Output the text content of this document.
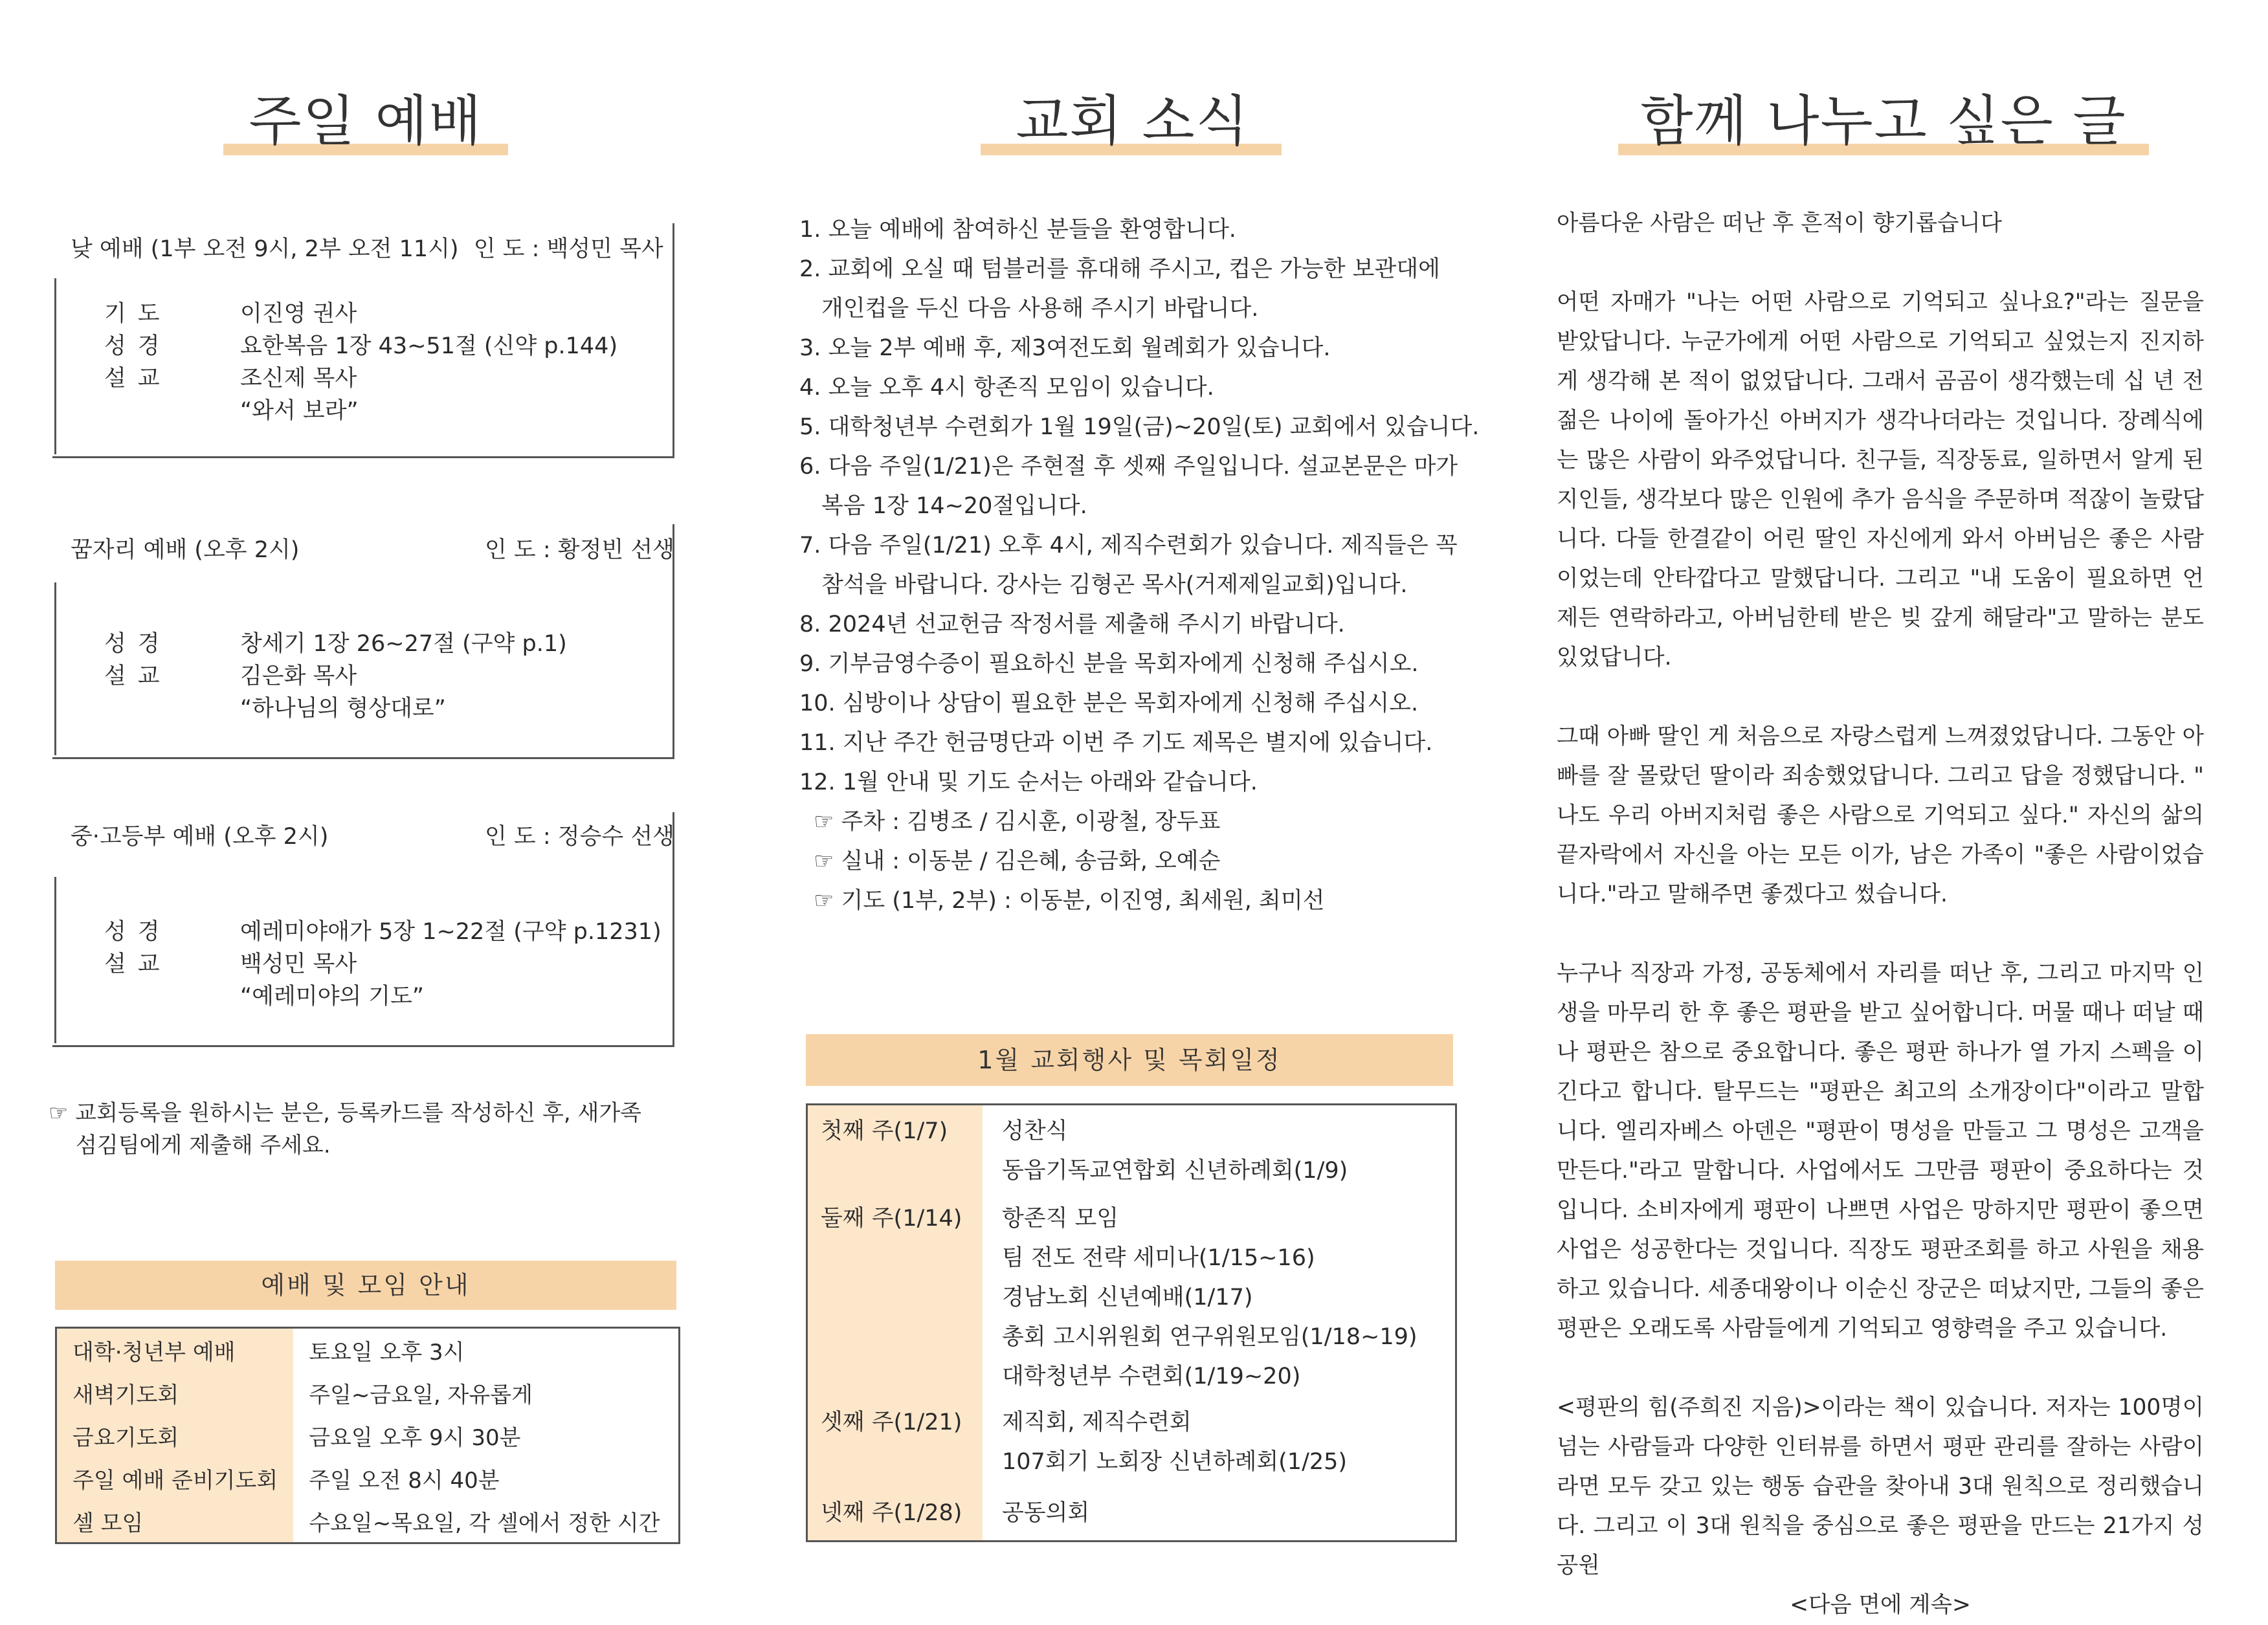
주일 예배
낮 예배 (1부 오전 9시, 2부 오전 11시) 인 도 : 백성민 목사
기도	이진영 권사
성경	요한복음 1장 43~51절 (신약 p.144)
설교	조신제 목사
“와서 보라”
꿈자리 예배 (오후 2시)	인 도 : 황정빈 선생
성경	창세기 1장 26~27절 (구약 p.1)
설교	김은화 목사
“하나님의 형상대로”
중·고등부 예배 (오후 2시)	인 도 : 정승수 선생
성경	예레미야애가 5장 1~22절 (구약 p.1231)
설교	백성민 목사
“예레미야의 기도”
☞ 교회등록을 원하시는 분은, 등록카드를 작성하신 후, 새가족
섬김팀에게 제출해 주세요.
예배 및 모임 안내
대학·청년부 예배	토요일 오후 3시
새벽기도회	주일~금요일, 자유롭게
금요기도회	금요일 오후 9시 30분
주일 예배 준비기도회	주일 오전 8시 40분
셀 모임	수요일~목요일, 각 셀에서 정한 시간
교회 소식
1. 오늘 예배에 참여하신 분들을 환영합니다.
2. 교회에 오실 때 텀블러를 휴대해 주시고, 컵은 가능한 보관대에
개인컵을 두신 다음 사용해 주시기 바랍니다.
3. 오늘 2부 예배 후, 제3여전도회 월례회가 있습니다.
4. 오늘 오후 4시 항존직 모임이 있습니다.
5. 대학청년부 수련회가 1월 19일(금)~20일(토) 교회에서 있습니다.
6. 다음 주일(1/21)은 주현절 후 셋째 주일입니다. 설교본문은 마가
복음 1장 14~20절입니다.
7. 다음 주일(1/21) 오후 4시, 제직수련회가 있습니다. 제직들은 꼭
참석을 바랍니다. 강사는 김형곤 목사(거제제일교회)입니다.
8. 2024년 선교헌금 작정서를 제출해 주시기 바랍니다.
9. 기부금영수증이 필요하신 분을 목회자에게 신청해 주십시오.
10. 심방이나 상담이 필요한 분은 목회자에게 신청해 주십시오.
11. 지난 주간 헌금명단과 이번 주 기도 제목은 별지에 있습니다.
12. 1월 안내 및 기도 순서는 아래와 같습니다.
☞ 주차 : 김병조 / 김시훈, 이광철, 장두표
☞ 실내 : 이동분 / 김은혜, 송금화, 오예순
☞ 기도 (1부, 2부) : 이동분, 이진영, 최세원, 최미선
1월 교회행사 및 목회일정
첫째 주(1/7) 성찬식
동읍기독교연합회 신년하례회(1/9)
둘째 주(1/14) 항존직 모임
팀 전도 전략 세미나(1/15~16)
경남노회 신년예배(1/17)
총회 고시위원회 연구위원모임(1/18~19)
대학청년부 수련회(1/19~20)
셋째 주(1/21) 제직회, 제직수련회
107회기 노회장 신년하례회(1/25)
넷째 주(1/28) 공동의회
함께 나누고 싶은 글

아름다운 사람은 떠난 후 흔적이 향기롭습니다

어떤 자매가 "나는 어떤 사람으로 기억되고 싶나요?"라는 질문을 받았답니다. 누군가에게 어떤 사람으로 기억되고 싶었는지 진지하게 생각해 본 적이 없었답니다. 그래서 곰곰이 생각했는데 십 년 전 젊은 나이에 돌아가신 아버지가 생각나더라는 것입니다. 장례식에는 많은 사람이 와주었답니다. 친구들, 직장동료, 일하면서 알게 된 지인들, 생각보다 많은 인원에 추가 음식을 주문하며 적잖이 놀랐답니다. 다들 한결같이 어린 딸인 자신에게 와서 아버님은 좋은 사람이었는데 안타깝다고 말했답니다. 그리고 "내 도움이 필요하면 언제든 연락하라고, 아버님한테 받은 빚 갚게 해달라"고 말하는 분도 있었답니다.

그때 아빠 딸인 게 처음으로 자랑스럽게 느껴졌었답니다. 그동안 아빠를 잘 몰랐던 딸이라 죄송했었답니다. 그리고 답을 정했답니다. " 나도 우리 아버지처럼 좋은 사람으로 기억되고 싶다." 자신의 삶의 끝자락에서 자신을 아는 모든 이가, 남은 가족이 "좋은 사람이었습니다."라고 말해주면 좋겠다고 썼습니다.

누구나 직장과 가정, 공동체에서 자리를 떠난 후, 그리고 마지막 인생을 마무리 한 후 좋은 평판을 받고 싶어합니다. 머물 때나 떠날 때나 평판은 참으로 중요합니다. 좋은 평판 하나가 열 가지 스펙을 이긴다고 합니다. 탈무드는 "평판은 최고의 소개장이다"이라고 말합니다. 엘리자베스 아덴은 "평판이 명성을 만들고 그 명성은 고객을 만든다."라고 말합니다. 사업에서도 그만큼 평판이 중요하다는 것입니다. 소비자에게 평판이 나쁘면 사업은 망하지만 평판이 좋으면 사업은 성공한다는 것입니다. 직장도 평판조회를 하고 사원을 채용하고 있습니다. 세종대왕이나 이순신 장군은 떠났지만, 그들의 좋은 평판은 오래도록 사람들에게 기억되고 영향력을 주고 있습니다.

<평판의 힘(주희진 지음)>이라는 책이 있습니다. 저자는 100명이 넘는 사람들과 다양한 인터뷰를 하면서 평판 관리를 잘하는 사람이라면 모두 갖고 있는 행동 습관을 찾아내 3대 원칙으로 정리했습니다. 그리고 이 3대 원칙을 중심으로 좋은 평판을 만드는 21가지 성공원

<다음 면에 계속>
